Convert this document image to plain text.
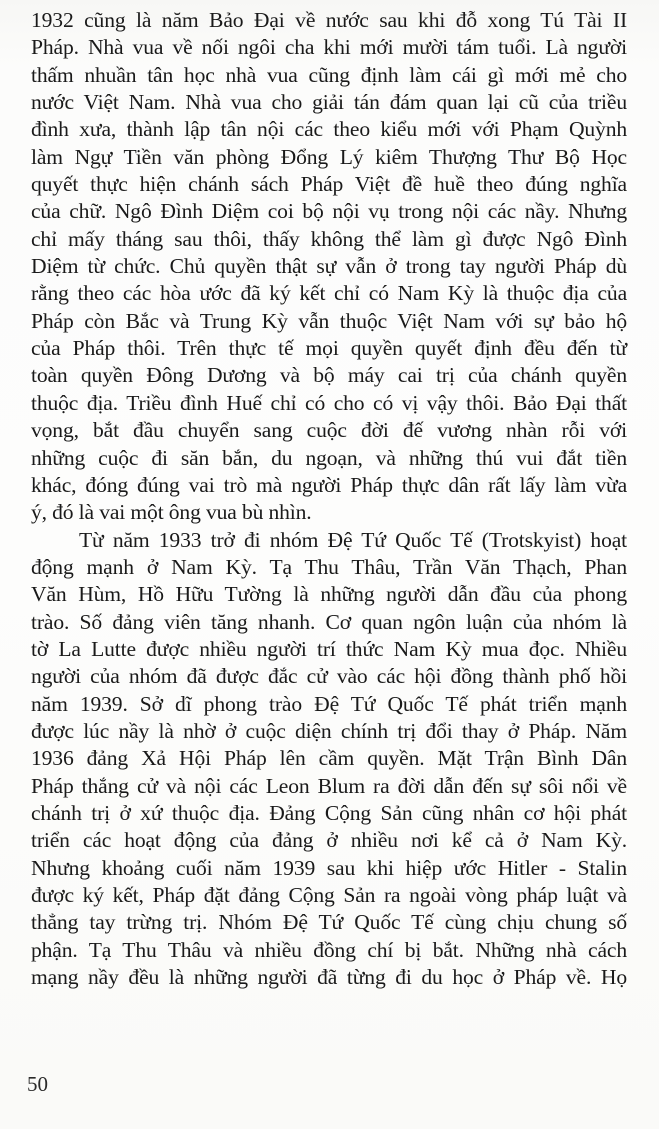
1932 cũng là năm Bảo Đại về nước sau khi đỗ xong Tú Tài II
Pháp. Nhà vua về nối ngôi cha khi mới mười tám tuổi. Là người
thấm nhuần tân học nhà vua cũng định làm cái gì mới mẻ cho
nước Việt Nam. Nhà vua cho giải tán đám quan lại cũ của triều
đình xưa, thành lập tân nội các theo kiểu mới với Phạm Quỳnh
làm Ngự Tiền văn phòng Đổng Lý kiêm Thượng Thư Bộ Học
quyết thực hiện chánh sách Pháp Việt đề huề theo đúng nghĩa
của chữ. Ngô Đình Diệm coi bộ nội vụ trong nội các nầy. Nhưng
chỉ mấy tháng sau thôi, thấy không thể làm gì được Ngô Đình
Diệm từ chức. Chủ quyền thật sự vẫn ở trong tay người Pháp dù
rằng theo các hòa ước đã ký kết chỉ có Nam Kỳ là thuộc địa của
Pháp còn Bắc và Trung Kỳ vẫn thuộc Việt Nam với sự bảo hộ
của Pháp thôi. Trên thực tế mọi quyền quyết định đều đến từ
toàn quyền Đông Dương và bộ máy cai trị của chánh quyền
thuộc địa. Triều đình Huế chỉ có cho có vị vậy thôi. Bảo Đại thất
vọng, bắt đầu chuyển sang cuộc đời đế vương nhàn rỗi với
những cuộc đi săn bắn, du ngoạn, và những thú vui đắt tiền
khác, đóng đúng vai trò mà người Pháp thực dân rất lấy làm vừa
ý, đó là vai một ông vua bù nhìn.
Từ năm 1933 trở đi nhóm Đệ Tứ Quốc Tế (Trotskyist) hoạt
động mạnh ở Nam Kỳ. Tạ Thu Thâu, Trần Văn Thạch, Phan
Văn Hùm, Hồ Hữu Tường là những người dẫn đầu của phong
trào. Số đảng viên tăng nhanh. Cơ quan ngôn luận của nhóm là
tờ La Lutte được nhiều người trí thức Nam Kỳ mua đọc. Nhiều
người của nhóm đã được đắc cử vào các hội đồng thành phố hồi
năm 1939. Sở dĩ phong trào Đệ Tứ Quốc Tế phát triển mạnh
được lúc nầy là nhờ ở cuộc diện chính trị đổi thay ở Pháp. Năm
1936 đảng Xả Hội Pháp lên cầm quyền. Mặt Trận Bình Dân
Pháp thắng cử và nội các Leon Blum ra đời dẫn đến sự sôi nổi về
chánh trị ở xứ thuộc địa. Đảng Cộng Sản cũng nhân cơ hội phát
triển các hoạt động của đảng ở nhiều nơi kể cả ở Nam Kỳ.
Nhưng khoảng cuối năm 1939 sau khi hiệp ước Hitler - Stalin
được ký kết, Pháp đặt đảng Cộng Sản ra ngoài vòng pháp luật và
thẳng tay trừng trị. Nhóm Đệ Tứ Quốc Tế cùng chịu chung số
phận. Tạ Thu Thâu và nhiều đồng chí bị bắt. Những nhà cách
mạng nầy đều là những người đã từng đi du học ở Pháp về. Họ
50
